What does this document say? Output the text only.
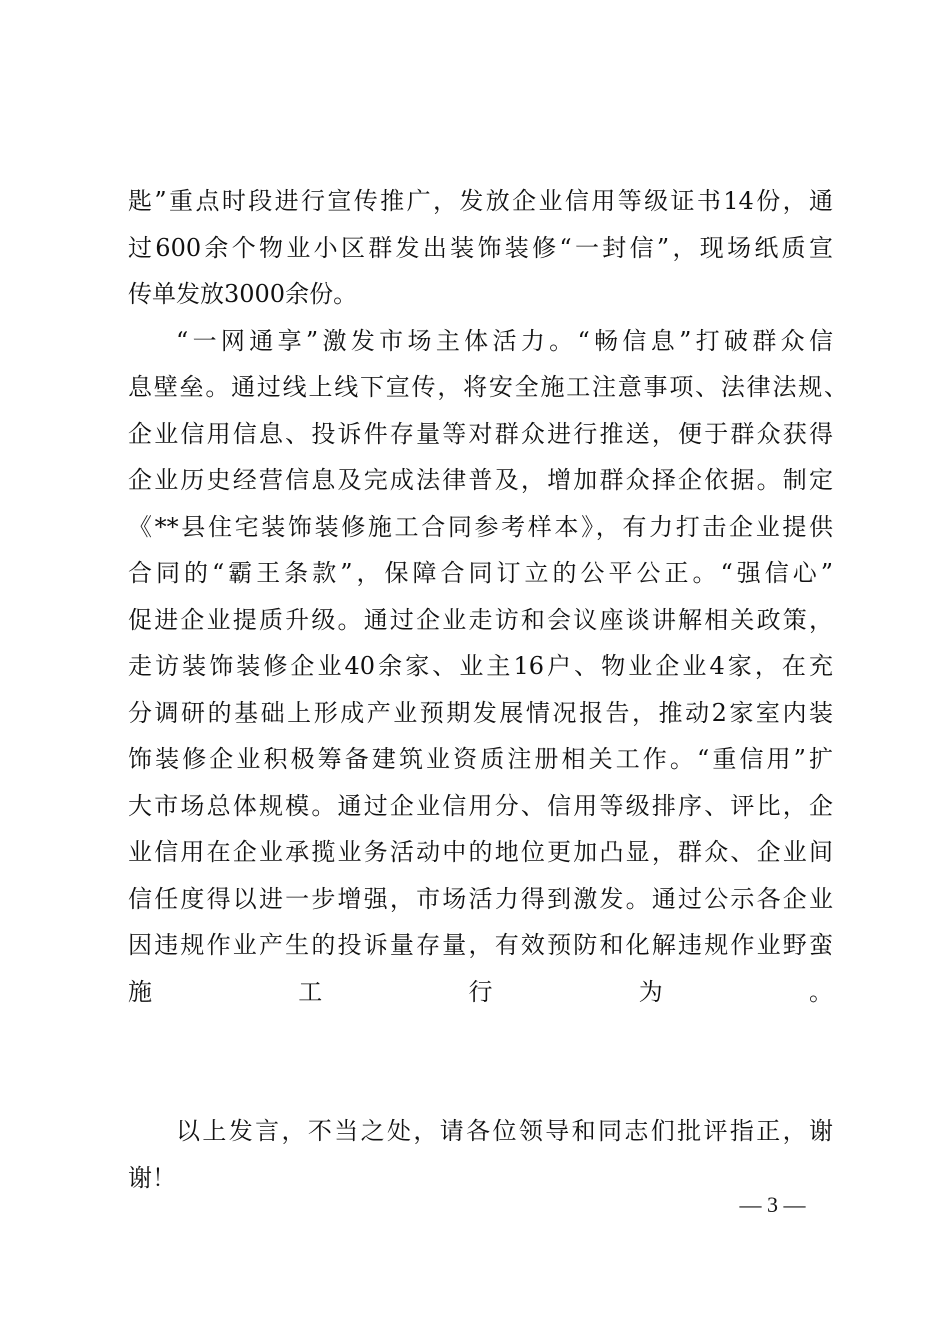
匙”重点时段进行宣传推广，发放企业信用等级证书14份，通
过600余个物业小区群发出装饰装修“一封信”，现场纸质宣
传单发放3000余份。
“一网通享”激发市场主体活力。“畅信息”打破群众信
息壁垒。通过线上线下宣传，将安全施工注意事项、法律法规、
企业信用信息、投诉件存量等对群众进行推送，便于群众获得
企业历史经营信息及完成法律普及，增加群众择企依据。制定
《**县住宅装饰装修施工合同参考样本》，有力打击企业提供
合同的“霸王条款”，保障合同订立的公平公正。“强信心”
促进企业提质升级。通过企业走访和会议座谈讲解相关政策，
走访装饰装修企业40余家、业主16户、物业企业4家，在充
分调研的基础上形成产业预期发展情况报告，推动2家室内装
饰装修企业积极筹备建筑业资质注册相关工作。“重信用”扩
大市场总体规模。通过企业信用分、信用等级排序、评比，企
业信用在企业承揽业务活动中的地位更加凸显，群众、企业间
信任度得以进一步增强，市场活力得到激发。通过公示各企业
因违规作业产生的投诉量存量，有效预防和化解违规作业野蛮
施工行为。
以上发言，不当之处，请各位领导和同志们批评指正，谢
谢！
— 3 —
